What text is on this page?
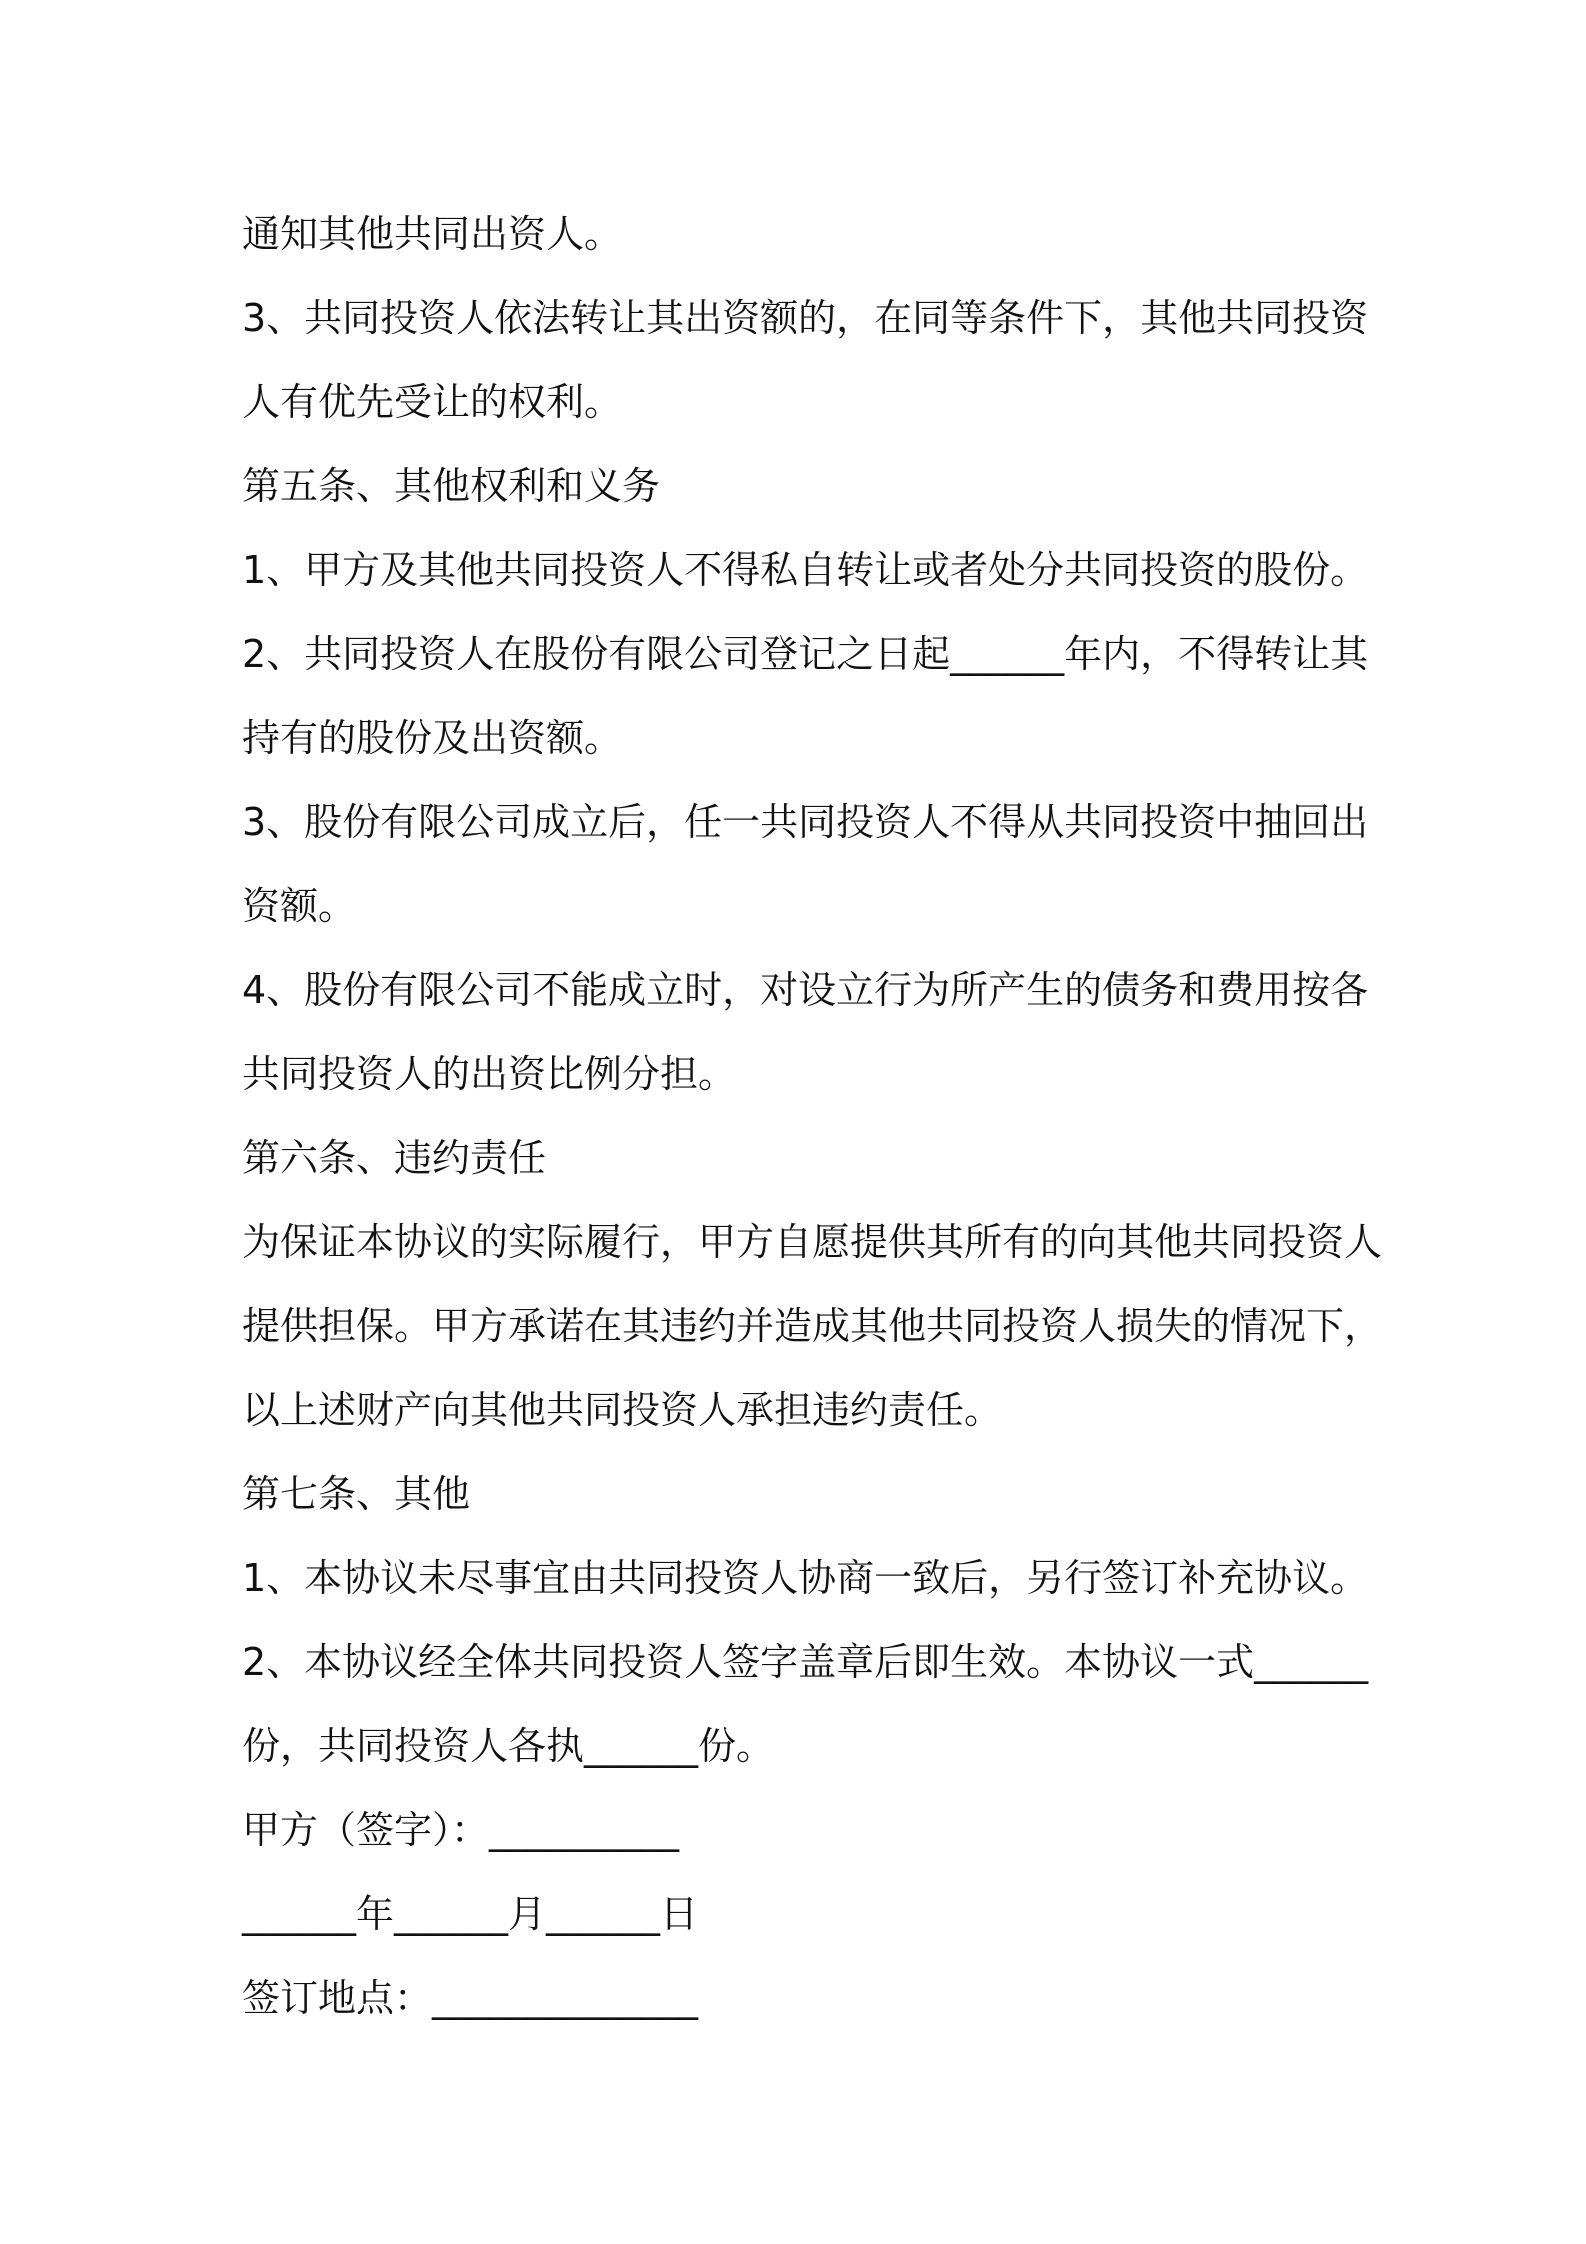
通知其他共同出资人。
3、共同投资人依法转让其出资额的，在同等条件下，其他共同投资
人有优先受让的权利。
第五条、其他权利和义务
1、甲方及其他共同投资人不得私自转让或者处分共同投资的股份。
2、共同投资人在股份有限公司登记之日起______年内，不得转让其
持有的股份及出资额。
3、股份有限公司成立后，任一共同投资人不得从共同投资中抽回出
资额。
4、股份有限公司不能成立时，对设立行为所产生的债务和费用按各
共同投资人的出资比例分担。
第六条、违约责任
为保证本协议的实际履行，甲方自愿提供其所有的向其他共同投资人
提供担保。甲方承诺在其违约并造成其他共同投资人损失的情况下，
以上述财产向其他共同投资人承担违约责任。
第七条、其他
1、本协议未尽事宜由共同投资人协商一致后，另行签订补充协议。
2、本协议经全体共同投资人签字盖章后即生效。本协议一式______
份，共同投资人各执______份。
甲方（签字）：__________
______年______月______日
签订地点：______________
